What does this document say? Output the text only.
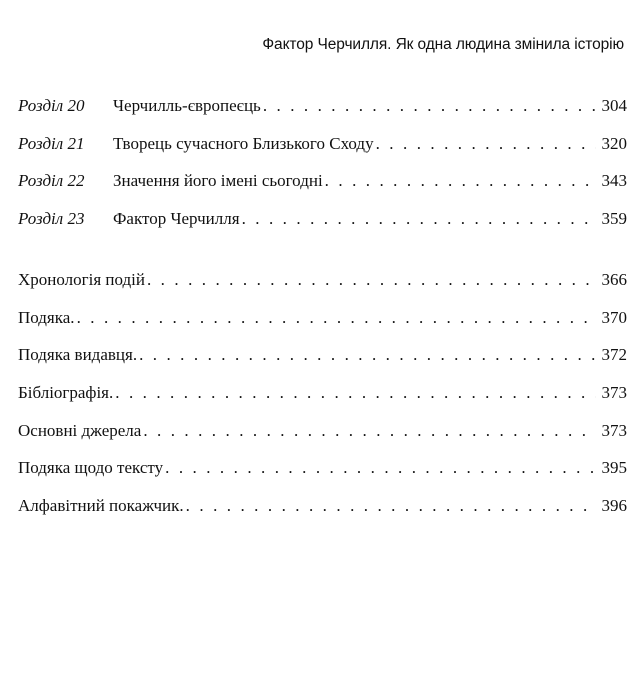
Фактор Черчилля. Як одна людина змінила історію
Розділ 20	Черчилль-європеєць . . .	304
Розділ 21	Творець сучасного Близького Сходу . . .	320
Розділ 22	Значення його імені сьогодні . . .	343
Розділ 23	Фактор Черчилля . . .	359
Хронологія подій . . .	366
Подяка. . . .	370
Подяка видавця. . . .	372
Бібліографія. . . .	373
Основні джерела . . .	373
Подяка щодо тексту . . .	395
Алфавітний покажчик. . . .	396
